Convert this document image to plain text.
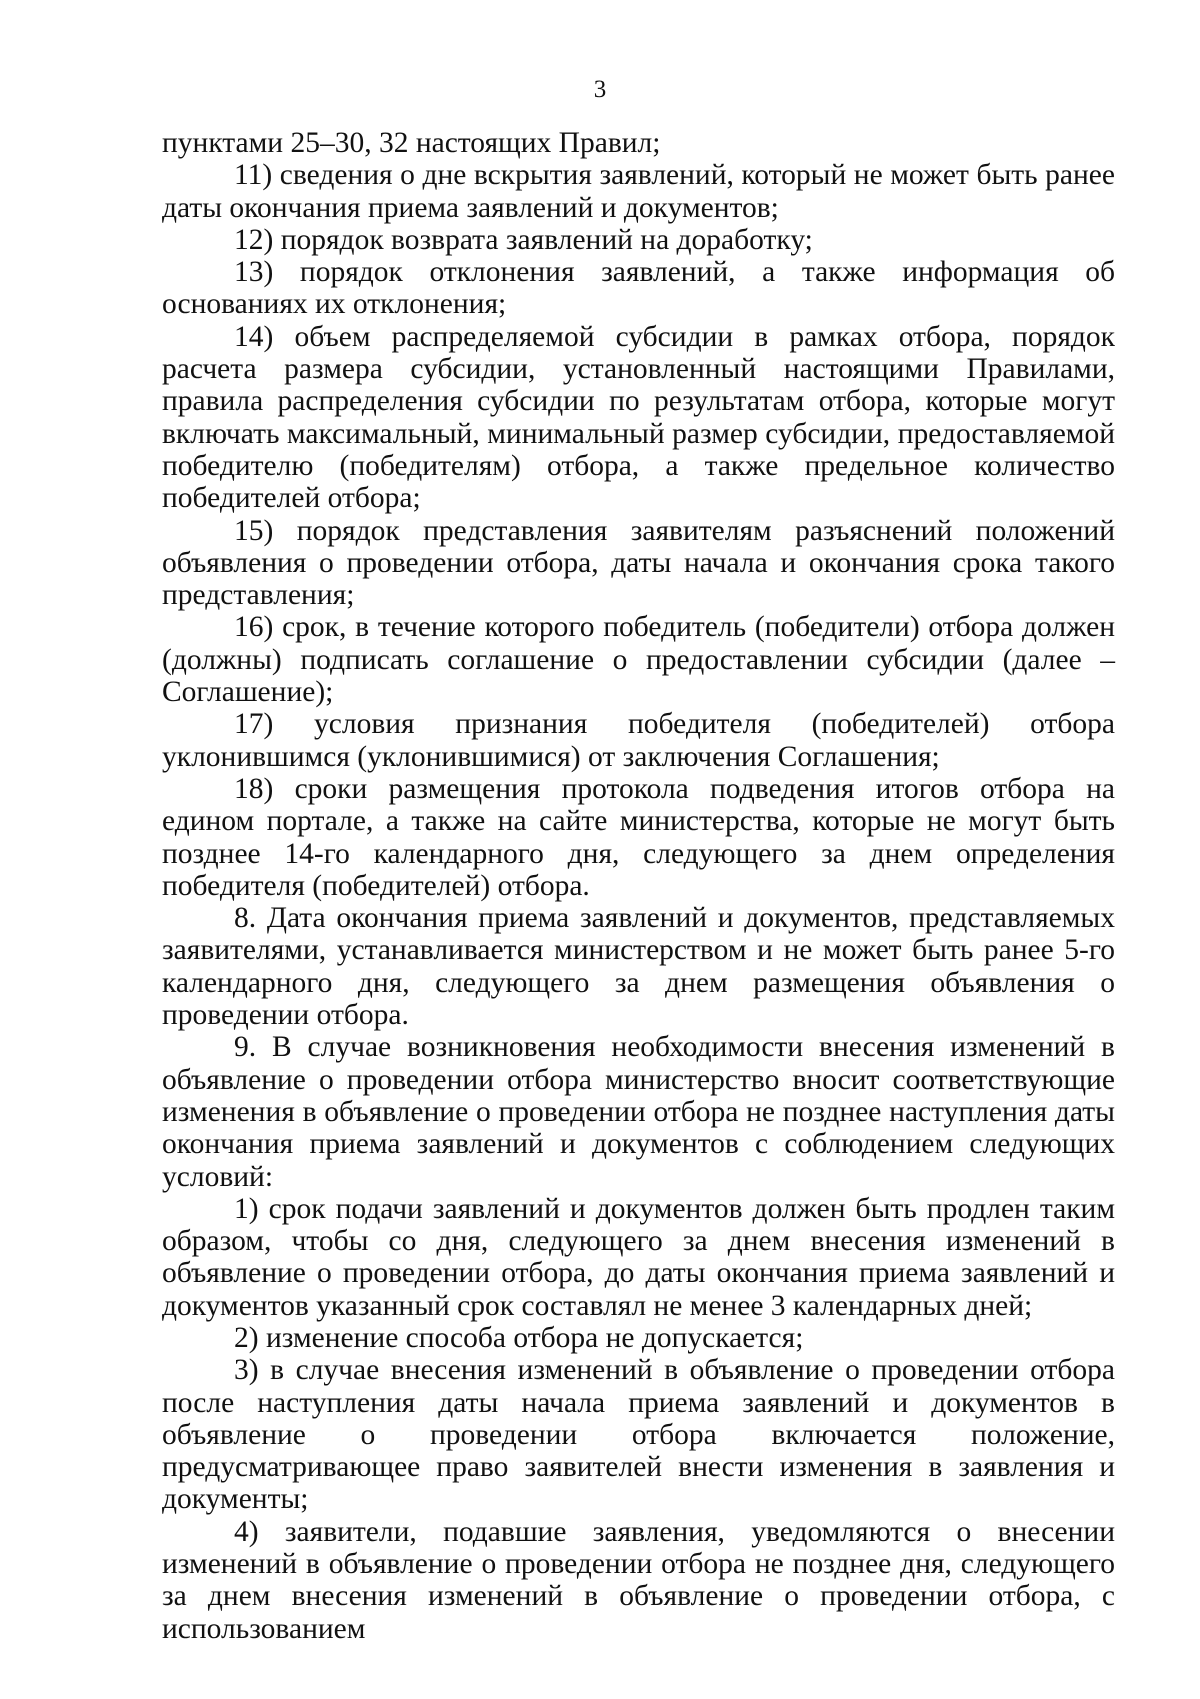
3

пунктами 25–30, 32 настоящих Правил;

11) сведения о дне вскрытия заявлений, который не может быть ранее даты окончания приема заявлений и документов;

12) порядок возврата заявлений на доработку;

13) порядок отклонения заявлений, а также информация об основаниях их отклонения;

14) объем распределяемой субсидии в рамках отбора, порядок расчета размера субсидии, установленный настоящими Правилами, правила распределения субсидии по результатам отбора, которые могут включать максимальный, минимальный размер субсидии, предоставляемой победителю (победителям) отбора, а также предельное количество победителей отбора;

15) порядок представления заявителям разъяснений положений объявления о проведении отбора, даты начала и окончания срока такого представления;

16) срок, в течение которого победитель (победители) отбора должен (должны) подписать соглашение о предоставлении субсидии (далее – Соглашение);

17) условия признания победителя (победителей) отбора уклонившимся (уклонившимися) от заключения Соглашения;

18) сроки размещения протокола подведения итогов отбора на едином портале, а также на сайте министерства, которые не могут быть позднее 14-го календарного дня, следующего за днем определения победителя (победителей) отбора.

8. Дата окончания приема заявлений и документов, представляемых заявителями, устанавливается министерством и не может быть ранее 5-го календарного дня, следующего за днем размещения объявления о проведении отбора.

9. В случае возникновения необходимости внесения изменений в объявление о проведении отбора министерство вносит соответствующие изменения в объявление о проведении отбора не позднее наступления даты окончания приема заявлений и документов с соблюдением следующих условий:

1) срок подачи заявлений и документов должен быть продлен таким образом, чтобы со дня, следующего за днем внесения изменений в объявление о проведении отбора, до даты окончания приема заявлений и документов указанный срок составлял не менее 3 календарных дней;

2) изменение способа отбора не допускается;

3) в случае внесения изменений в объявление о проведении отбора после наступления даты начала приема заявлений и документов в объявление о проведении отбора включается положение, предусматривающее право заявителей внести изменения в заявления и документы;

4) заявители, подавшие заявления, уведомляются о внесении изменений в объявление о проведении отбора не позднее дня, следующего за днем внесения изменений в объявление о проведении отбора, с использованием
